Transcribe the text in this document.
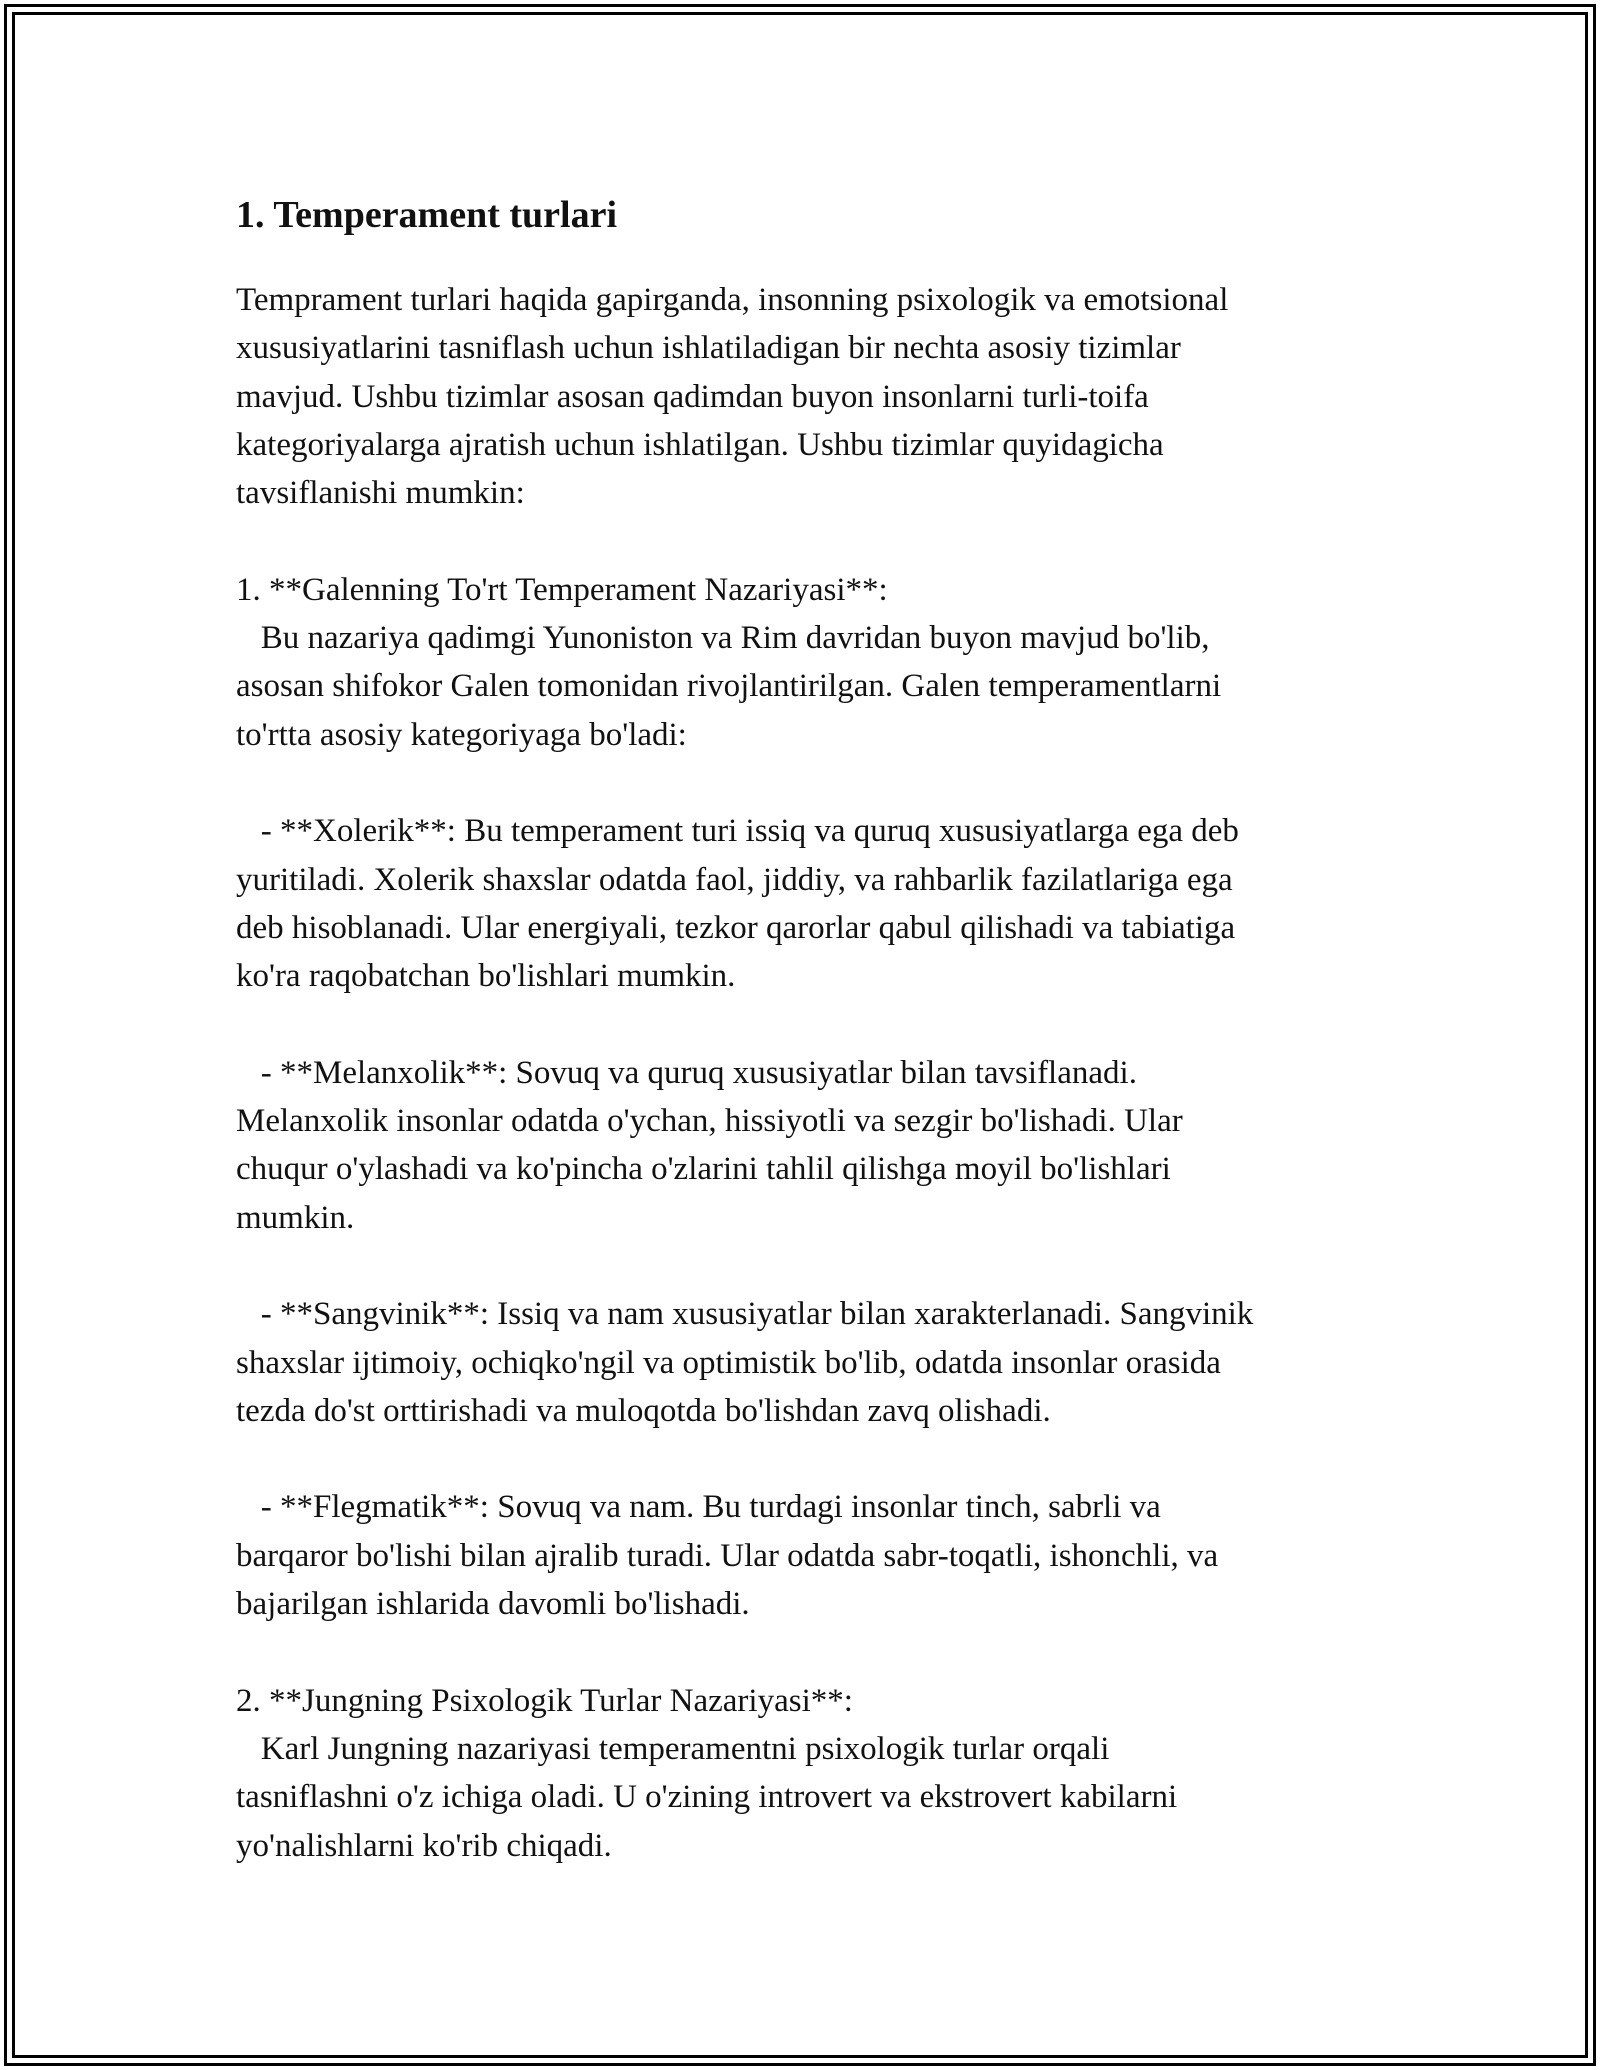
1. Temperament turlari

Temprament turlari haqida gapirganda, insonning psixologik va emotsional
xususiyatlarini tasniflash uchun ishlatiladigan bir nechta asosiy tizimlar
mavjud. Ushbu tizimlar asosan qadimdan buyon insonlarni turli-toifa
kategoriyalarga ajratish uchun ishlatilgan. Ushbu tizimlar quyidagicha
tavsiflanishi mumkin:

1. **Galenning To'rt Temperament Nazariyasi**:
Bu nazariya qadimgi Yunoniston va Rim davridan buyon mavjud bo'lib,
asosan shifokor Galen tomonidan rivojlantirilgan. Galen temperamentlarni
to'rtta asosiy kategoriyaga bo'ladi:

- **Xolerik**: Bu temperament turi issiq va quruq xususiyatlarga ega deb
yuritiladi. Xolerik shaxslar odatda faol, jiddiy, va rahbarlik fazilatlariga ega
deb hisoblanadi. Ular energiyali, tezkor qarorlar qabul qilishadi va tabiatiga
ko'ra raqobatchan bo'lishlari mumkin.

- **Melanxolik**: Sovuq va quruq xususiyatlar bilan tavsiflanadi.
Melanxolik insonlar odatda o'ychan, hissiyotli va sezgir bo'lishadi. Ular
chuqur o'ylashadi va ko'pincha o'zlarini tahlil qilishga moyil bo'lishlari
mumkin.

- **Sangvinik**: Issiq va nam xususiyatlar bilan xarakterlanadi. Sangvinik
shaxslar ijtimoiy, ochiqko'ngil va optimistik bo'lib, odatda insonlar orasida
tezda do'st orttirishadi va muloqotda bo'lishdan zavq olishadi.

- **Flegmatik**: Sovuq va nam. Bu turdagi insonlar tinch, sabrli va
barqaror bo'lishi bilan ajralib turadi. Ular odatda sabr-toqatli, ishonchli, va
bajarilgan ishlarida davomli bo'lishadi.

2. **Jungning Psixologik Turlar Nazariyasi**:
Karl Jungning nazariyasi temperamentni psixologik turlar orqali
tasniflashni o'z ichiga oladi. U o'zining introvert va ekstrovert kabilarni
yo'nalishlarni ko'rib chiqadi.
